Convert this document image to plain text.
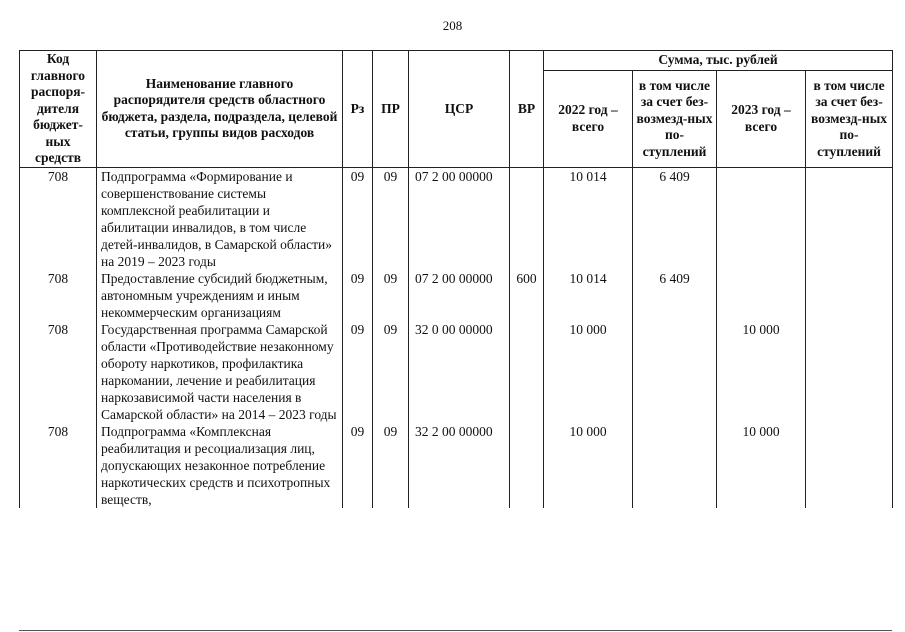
208
Код главного распоря-дителя бюджет-ных средств	Наименование главного распорядителя средств областного бюджета, раздела, подраздела, целевой статьи, группы видов расходов	Рз	ПР	ЦСР	ВР	Сумма, тыс. рублей			
						2022 год – всего	в том числе за счет без-возмезд-ных по-ступлений	2023 год – всего	в том числе за счет без-возмезд-ных по-ступлений
708	Подпрограмма «Формирование и совершенствование системы комплексной реабилитации и абилитации инвалидов, в том числе детей-инвалидов, в Самарской области» на 2019 – 2023 годы	09	09	07 2 00 00000		10 014	6 409		
708	Предоставление субсидий бюджетным, автономным учреждениям и иным некоммерческим организациям	09	09	07 2 00 00000	600	10 014	6 409		
708	Государственная программа Самарской области «Противодействие незаконному обороту наркотиков, профилактика наркомании, лечение и реабилитация наркозависимой части населения в Самарской области» на 2014 – 2023 годы	09	09	32 0 00 00000		10 000		10 000	
708	Подпрограмма «Комплексная реабилитация и ресоциализация лиц, допускающих незаконное потребление наркотических средств и психотропных веществ,	09	09	32 2 00 00000		10 000		10 000	
